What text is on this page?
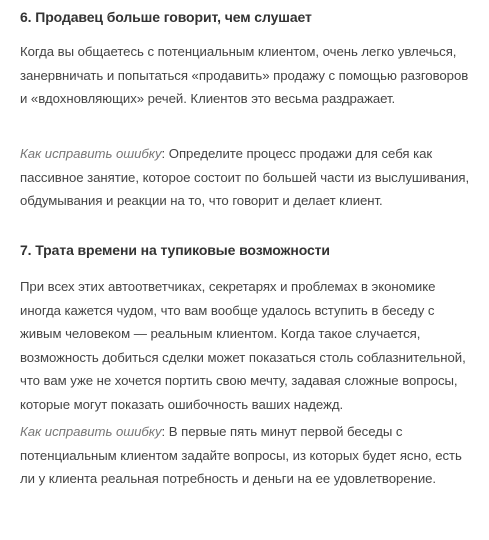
6. Продавец больше говорит, чем слушает

Когда вы общаетесь с потенциальным клиентом, очень легко увлечься, занервничать и попытаться «продавить» продажу с помощью разговоров и «вдохновляющих» речей. Клиентов это весьма раздражает.

Как исправить ошибку: Определите процесс продажи для себя как пассивное занятие, которое состоит по большей части из выслушивания, обдумывания и реакции на то, что говорит и делает клиент.

7. Трата времени на тупиковые возможности

При всех этих автоответчиках, секретарях и проблемах в экономике иногда кажется чудом, что вам вообще удалось вступить в беседу с живым человеком — реальным клиентом. Когда такое случается, возможность добиться сделки может показаться столь соблазнительной, что вам уже не хочется портить свою мечту, задавая сложные вопросы, которые могут показать ошибочность ваших надежд.

Как исправить ошибку: В первые пять минут первой беседы с потенциальным клиентом задайте вопросы, из которых будет ясно, есть ли у клиента реальная потребность и деньги на ее удовлетворение.
